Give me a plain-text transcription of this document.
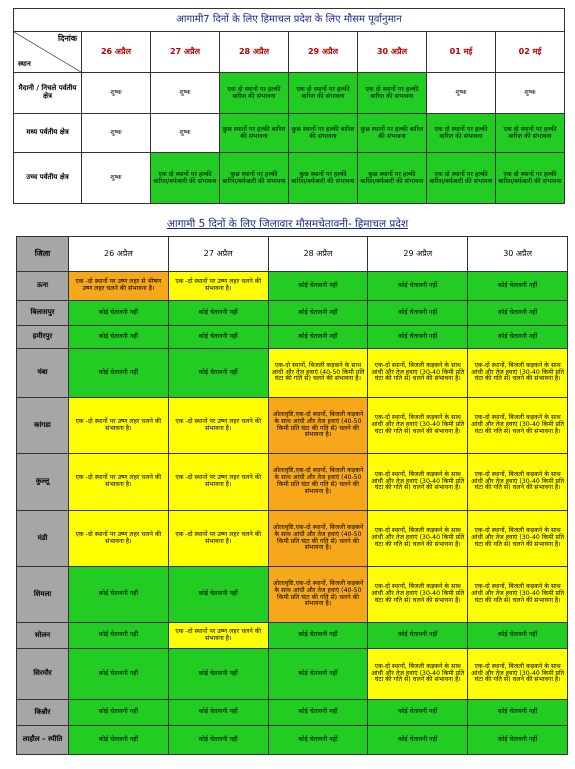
आगामी7 दिनों के लिए हिमाचल प्रदेश के लिए मौसम पूर्वानुमान							

दिनांक
स्थान	26 अप्रैल	27 अप्रैल	28 अप्रैल	29 अप्रैल	30 अप्रैल	01 मई	02 मई
मैदानी / निचले पर्वतीय क्षेत्र	शुष्क	शुष्क	एक दो स्थानों पर हल्की बारिश की संभावना	एक दो स्थानों पर हल्की बारिश की संभावना	एक दो स्थानों पर हल्की बारिश की संभावना	शुष्क	शुष्क
मध्य पर्वतीय क्षेत्र	शुष्क	शुष्क	कुछ स्थानों पर हल्की बारिश की संभावना	कुछ स्थानों पर हल्की बारिश की संभावना	कुछ स्थानों पर हल्की बारिश की संभावना	एक दो स्थानों पर हल्की बारिश की संभावना	एक दो स्थानों पर हल्की बारिश की संभावना
उच्च पर्वतीय क्षेत्र	शुष्क	एक दो स्थानों पर हल्की बारिश/बर्फबारी की संभावना	कुछ स्थानों पर हल्की बारिश/बर्फबारी की संभावना	कुछ स्थानों पर हल्की बारिश/बर्फबारी की संभावना	कुछ स्थानों पर हल्की बारिश/बर्फबारी की संभावना	एक दो स्थानों पर हल्की बारिश/बर्फबारी की संभावना	एक दो स्थानों पर हल्की बारिश/बर्फबारी की संभावना
आगामी 5 दिनों के लिए जिलावार मौसमचेतावनी- हिमाचल प्रदेश
जिला	26 अप्रैल	27 अप्रैल	28 अप्रैल	29 अप्रैल	30 अप्रैल
ऊना	एक -दो स्थानों पर उष्ण लहर से भीषण उष्ण लहर चलने की संभावना है।	एक -दो स्थानों पर उष्ण लहर चलने की संभावना है।	कोई चेतावनी नहीं	कोई चेतावनी नहीं	कोई चेतावनी नहीं
बिलासपुर	कोई चेतावनी नहीं	कोई चेतावनी नहीं	कोई चेतावनी नहीं	कोई चेतावनी नहीं	कोई चेतावनी नहीं
हमीरपुर	कोई चेतावनी नहीं	कोई चेतावनी नहीं	कोई चेतावनी नहीं	कोई चेतावनी नहीं	कोई चेतावनी नहीं
चंबा	कोई चेतावनी नहीं	कोई चेतावनी नहीं	एक-दो स्थानों, बिजली कड़कने के साथ आंधी और तेज हवाएं (40-50 किमी प्रति घंटा की गति से) चलने की संभावना है।	एक-दो स्थानों, बिजली कड़कने के साथ आंधी और तेज हवाएं (30-40 किमी प्रति घंटा की गति से) चलने की संभावना है।	एक-दो स्थानों, बिजली कड़कने के साथ आंधी और तेज हवाएं (30-40 किमी प्रति घंटा की गति से) चलने की संभावना है।
कांगडा	एक -दो स्थानों पर उष्ण लहर चलने की संभावना है।	एक -दो स्थानों पर उष्ण लहर चलने की संभावना है।	ओलावृष्टि,एक-दो स्थानों, बिजली कड़कने के साथ आंधी और तेज हवाएं (40-50 किमी प्रति घंटा की गति से) चलने की संभावना है।	एक-दो स्थानों, बिजली कड़कने के साथ आंधी और तेज हवाएं (30-40 किमी प्रति घंटा की गति से) चलने की संभावना है।	एक-दो स्थानों, बिजली कड़कने के साथ आंधी और तेज हवाएं (30-40 किमी प्रति घंटा की गति से) चलने की संभावना है।
कुल्लू	एक -दो स्थानों पर उष्ण लहर चलने की संभावना है।	एक -दो स्थानों पर उष्ण लहर चलने की संभावना है।	ओलावृष्टि,एक-दो स्थानों, बिजली कड़कने के साथ आंधी और तेज हवाएं (40-50 किमी प्रति घंटा की गति से) चलने की संभावना है।	एक-दो स्थानों, बिजली कड़कने के साथ आंधी और तेज हवाएं (30-40 किमी प्रति घंटा की गति से) चलने की संभावना है।	एक-दो स्थानों, बिजली कड़कने के साथ आंधी और तेज हवाएं (30-40 किमी प्रति घंटा की गति से) चलने की संभावना है।
मंडी	एक -दो स्थानों पर उष्ण लहर चलने की संभावना है।	एक -दो स्थानों पर उष्ण लहर चलने की संभावना है।	ओलावृष्टि,एक-दो स्थानों, बिजली कड़कने के साथ आंधी और तेज हवाएं (40-50 किमी प्रति घंटा की गति से) चलने की संभावना है।	एक-दो स्थानों, बिजली कड़कने के साथ आंधी और तेज हवाएं (30-40 किमी प्रति घंटा की गति से) चलने की संभावना है।	एक-दो स्थानों, बिजली कड़कने के साथ आंधी और तेज हवाएं (30-40 किमी प्रति घंटा की गति से) चलने की संभावना है।
शिमला	कोई चेतावनी नहीं	कोई चेतावनी नहीं	ओलावृष्टि,एक-दो स्थानों, बिजली कड़कने के साथ आंधी और तेज हवाएं (40-50 किमी प्रति घंटा की गति से) चलने की संभावना है।	एक-दो स्थानों, बिजली कड़कने के साथ आंधी और तेज हवाएं (30-40 किमी प्रति घंटा की गति से) चलने की संभावना है।	एक-दो स्थानों, बिजली कड़कने के साथ आंधी और तेज हवाएं (30-40 किमी प्रति घंटा की गति से) चलने की संभावना है।
सोलन	कोई चेतावनी नहीं	एक -दो स्थानों पर उष्ण लहर चलने की संभावना है।	कोई चेतावनी नहीं	कोई चेतावनी नहीं	कोई चेतावनी नहीं
सिरमौर	कोई चेतावनी नहीं	कोई चेतावनी नहीं	कोई चेतावनी नहीं	एक-दो स्थानों, बिजली कड़कने के साथ आंधी और तेज हवाएं (30-40 किमी प्रति घंटा की गति से) चलने की संभावना है।	एक-दो स्थानों, बिजली कड़कने के साथ आंधी और तेज हवाएं (30-40 किमी प्रति घंटा की गति से) चलने की संभावना है।
किन्नौर	कोई चेतावनी नहीं	कोई चेतावनी नहीं	कोई चेतावनी नहीं	कोई चेतावनी नहीं	कोई चेतावनी नहीं
लाहौल – स्पीति	कोई चेतावनी नहीं	कोई चेतावनी नहीं	कोई चेतावनी नहीं	कोई चेतावनी नहीं	कोई चेतावनी नहीं
